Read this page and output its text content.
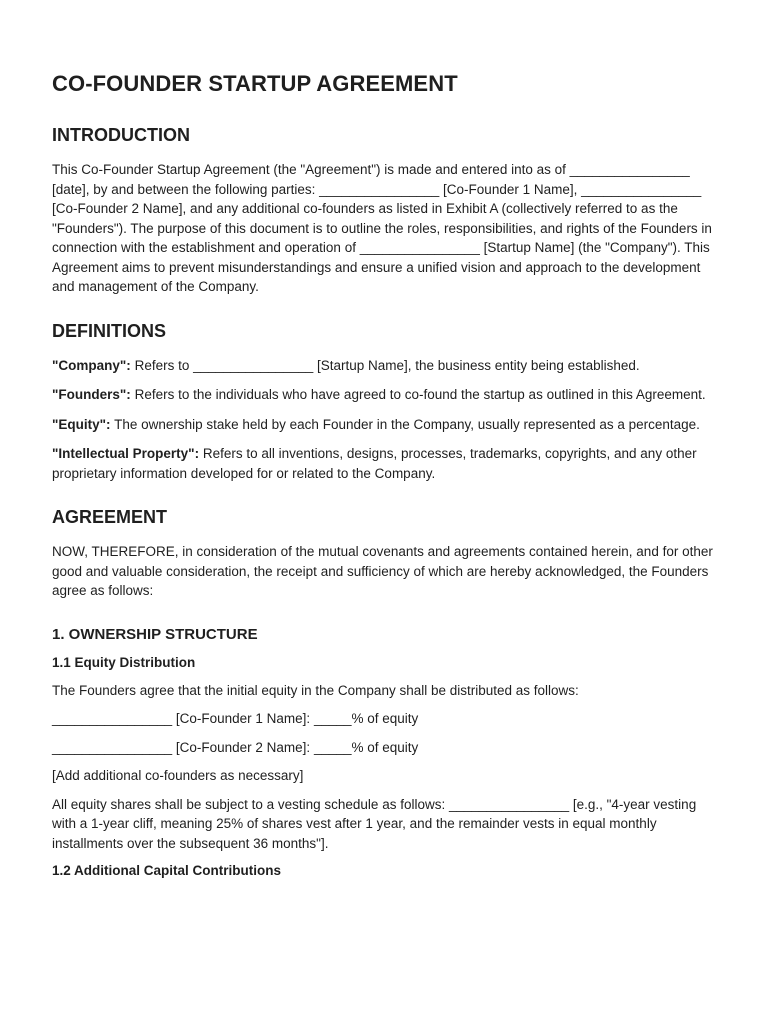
CO-FOUNDER STARTUP AGREEMENT
INTRODUCTION

This Co-Founder Startup Agreement (the "Agreement") is made and entered into as of ________________ [date], by and between the following parties: ________________ [Co-Founder 1 Name], ________________ [Co-Founder 2 Name], and any additional co-founders as listed in Exhibit A (collectively referred to as the "Founders"). The purpose of this document is to outline the roles, responsibilities, and rights of the Founders in connection with the establishment and operation of ________________ [Startup Name] (the "Company"). This Agreement aims to prevent misunderstandings and ensure a unified vision and approach to the development and management of the Company.

DEFINITIONS

"Company": Refers to ________________ [Startup Name], the business entity being established.

"Founders": Refers to the individuals who have agreed to co-found the startup as outlined in this Agreement.

"Equity": The ownership stake held by each Founder in the Company, usually represented as a percentage.

"Intellectual Property": Refers to all inventions, designs, processes, trademarks, copyrights, and any other proprietary information developed for or related to the Company.

AGREEMENT

NOW, THEREFORE, in consideration of the mutual covenants and agreements contained herein, and for other good and valuable consideration, the receipt and sufficiency of which are hereby acknowledged, the Founders agree as follows:

1. OWNERSHIP STRUCTURE
1.1 Equity Distribution

The Founders agree that the initial equity in the Company shall be distributed as follows:

________________ [Co-Founder 1 Name]: _____% of equity

________________ [Co-Founder 2 Name]: _____% of equity

[Add additional co-founders as necessary]

All equity shares shall be subject to a vesting schedule as follows: ________________ [e.g., "4-year vesting with a 1-year cliff, meaning 25% of shares vest after 1 year, and the remainder vests in equal monthly installments over the subsequent 36 months"].

1.2 Additional Capital Contributions
